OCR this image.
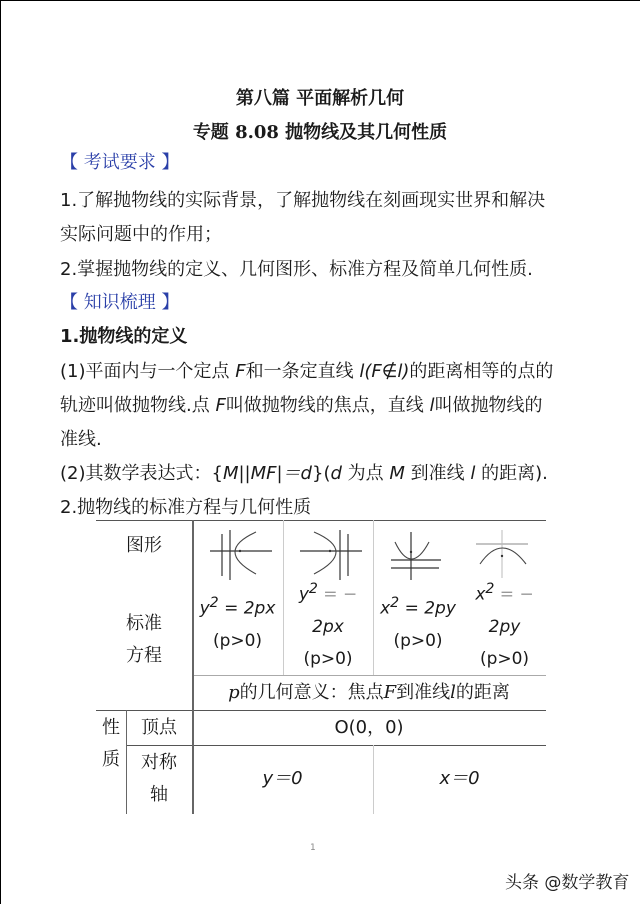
第八篇 平面解析几何
专题 8.08 抛物线及其几何性质
【 考试要求 】
1.了解抛物线的实际背景，了解抛物线在刻画现实世界和解决
实际问题中的作用；
2.掌握抛物线的定义、几何图形、标准方程及简单几何性质.
【 知识梳理 】
1.抛物线的定义
(1)平面内与一个定点 F和一条定直线 l(F∉l)的距离相等的点的
轨迹叫做抛物线.点 F叫做抛物线的焦点，直线 l叫做抛物线的
准线.
(2)其数学表达式：{M||MF|＝d}(d 为点 M 到准线 l 的距离).
2.抛物线的标准方程与几何性质
图形
标准
方程
$y^2 = 2px$
(p>0)
$y^2$ = −
2px
(p>0)
$x^2 = 2py$
(p>0)
$x^2$ = −
2py
(p>0)
p 的几何意义：焦点 F 到准线 l 的距离
性
质
顶点	O(0，0)
对称
轴
y＝0	x＝0
1
头条 @数学教育
